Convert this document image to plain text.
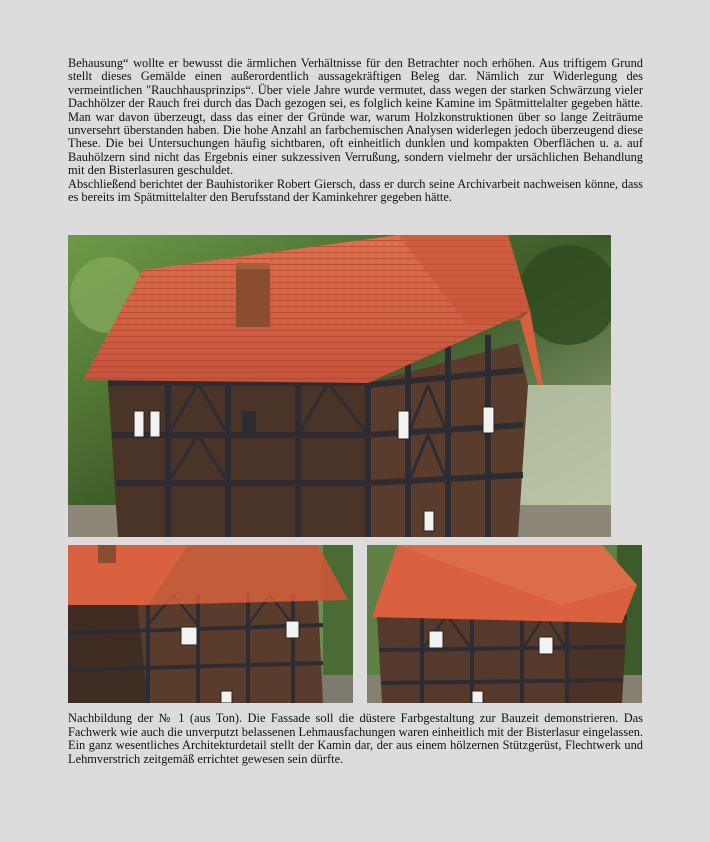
Behausung“ wollte er bewusst die ärmlichen Verhältnisse für den Betrachter noch erhöhen. Aus triftigem Grund stellt dieses Gemälde einen außerordentlich aussagekräftigen Beleg dar. Nämlich zur Widerlegung des vermeintlichen "Rauchhausprinzips“. Über viele Jahre wurde vermutet, dass wegen der starken Schwärzung vieler Dachhölzer der Rauch frei durch das Dach gezogen sei, es folglich keine Kamine im Spätmittelalter gegeben hätte. Man war davon überzeugt, dass das einer der Gründe war, warum Holzkonstruktionen über so lange Zeiträume unversehrt überstanden haben. Die hohe Anzahl an farbchemischen Analysen widerlegen jedoch überzeugend diese These. Die bei Untersuchungen häufig sichtbaren, oft einheitlich dunklen und kompakten Oberflächen u. a. auf Bauhölzern sind nicht das Ergebnis einer sukzessiven Verrußung, sondern vielmehr der ursächlichen Behandlung mit den Bisterlasuren geschuldet.

Abschließend berichtet der Bauhistoriker Robert Giersch, dass er durch seine Archivarbeit nachweisen könne, dass es bereits im Spätmittelalter den Berufsstand der Kaminkehrer gegeben hätte.

Nachbildung der № 1 (aus Ton). Die Fassade soll die düstere Farbgestaltung zur Bauzeit demonstrieren. Das Fachwerk wie auch die unverputzt belassenen Lehmausfachungen waren einheitlich mit der Bisterlasur eingelassen. Ein ganz wesentliches Architekturdetail stellt der Kamin dar, der aus einem hölzernen Stützgerüst, Flechtwerk und Lehmverstrich zeitgemäß errichtet gewesen sein dürfte.
